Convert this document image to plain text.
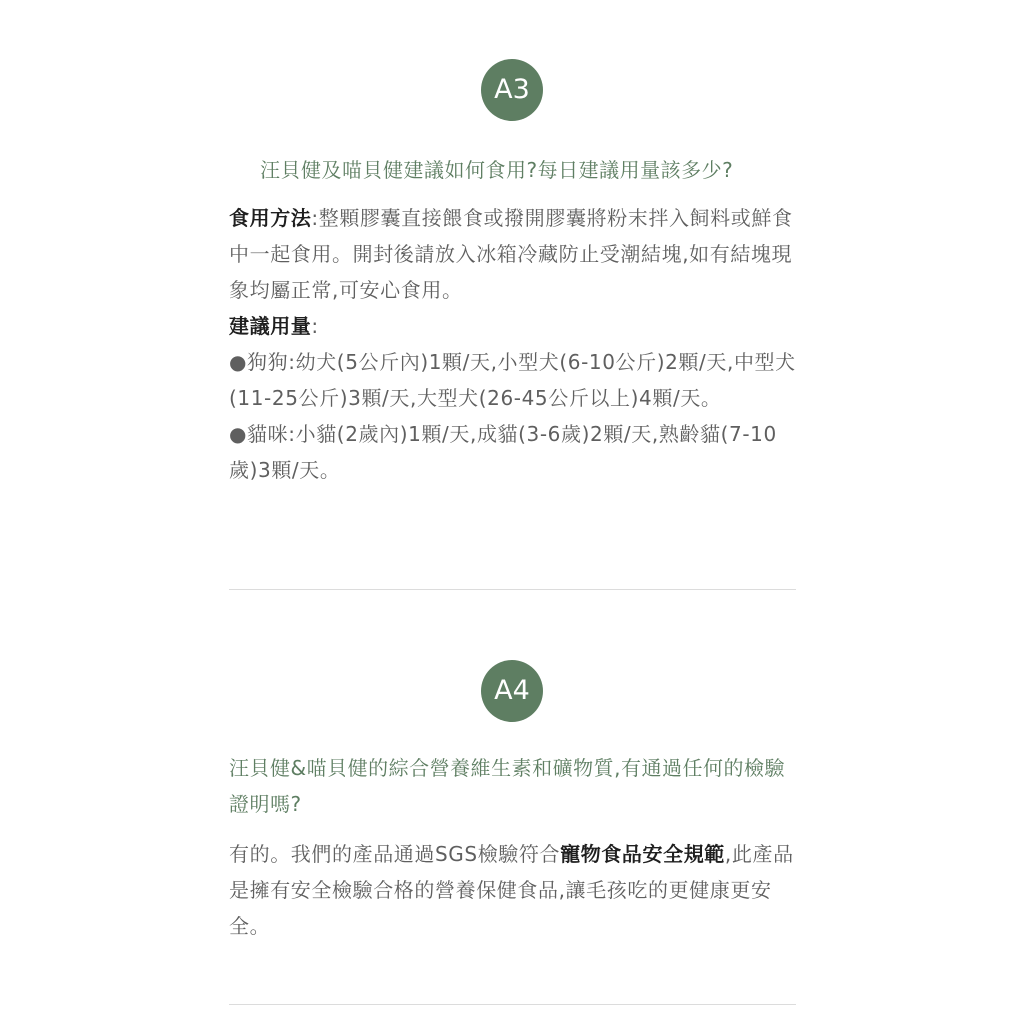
A3
汪貝健及喵貝健建議如何食用?每日建議用量該多少?

食用方法:整顆膠囊直接餵食或撥開膠囊將粉末拌入飼料或鮮食中一起食用。開封後請放入冰箱冷藏防止受潮結塊,如有結塊現象均屬正常,可安心食用。

建議用量:

●狗狗:幼犬(5公斤內)1顆/天,小型犬(6-10公斤)2顆/天,中型犬(11-25公斤)3顆/天,大型犬(26-45公斤以上)4顆/天。

●貓咪:小貓(2歲內)1顆/天,成貓(3-6歲)2顆/天,熟齡貓(7-10歲)3顆/天。

A4
汪貝健&喵貝健的綜合營養維生素和礦物質,有通過任何的檢驗證明嗎?

有的。我們的產品通過SGS檢驗符合寵物食品安全規範,此產品是擁有安全檢驗合格的營養保健食品,讓毛孩吃的更健康更安全。
